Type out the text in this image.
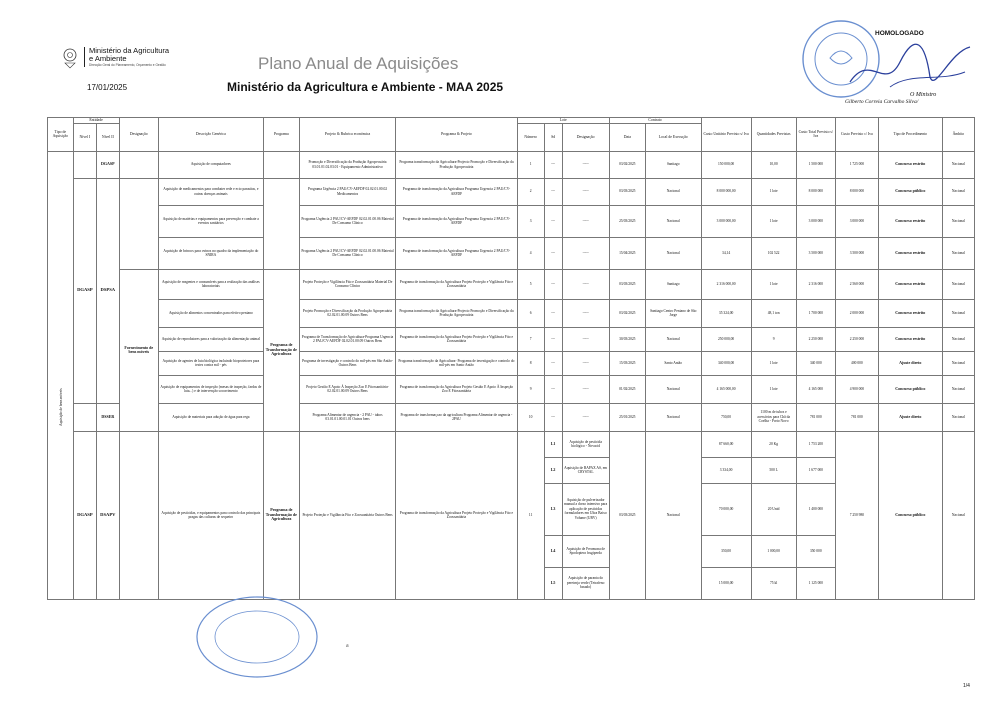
Ministério da Agricultura
e Ambiente
Direcção Geral do Planeamento, Orçamento e Gestão
17/01/2025
Plano Anual de Aquisições
Ministério da Agricultura e Ambiente - MAA 2025
HOMOLOGADO
O Ministro
Gilberto Correia Carvalho Silva/
Aquisição de bens móveis
Tipo de Aquisição	Entidade		Designação	Descrição Genérica	Programa	Projeto & Rubrica económica	Programa & Projeto	Lote			Contrato		Custo Unitário Previsto s/ Iva	Quantidades Previstas	Custo Total Previsto s/ Iva	Custo Previsto c/ Iva	Tipo de Procedimento	Âmbito
	Nível I	Nível II						Número	Sd	Designação	Data	Local de Execução						
		DGASP		Aquisição de computadores		Promoção e Diversificação da Produção Agropecuária 03.01.01.02.03.01 - Equipamento Administrativo	Programa transformação da Agricultura-Projecto Promoção e Diversificação da Produção Agropecuária	1	---	-----	03/02/2025	Santiago	150 000,00	10,00	1 500 000	1 725 000	Concurso restrito	Nacional
	DGASP	DSPSA		Aquisição de medicamentos para combater rede e ecto parasitas, e outras doenças animais		Programa Urgência 2 PAU/CV-AEFDF 02.02.01.00.02 Medicamentos	Programa de transformação da Agricultura Programa Urgencia 2 PAU/CV-AEFDF	2	---	-----	03/03/2025	Nacional	8 000 000,00	1 lote	8 000 000	8 000 000	Concurso público	Nacional
				Aquisição de matérias e equipamentos para prevenção e combate a eventos sanitários		Programa Urgência 2 PAU/CV-AEFDF 02.02.01.00.06 Material De Consumo Clínico	Programa de transformação da Agricultura Programa Urgencia 2 PAU/CV-AEFDF	3	---	-----	25/03/2025	Nacional	3 000 000,00	1 lote	3 000 000	3 000 000	Concurso restrito	Nacional
				Aquisição de brincos para ovinos no quadro da implementação do SNIRA		Programa Urgência 2 PAU/CV-AEFDF 02.02.01.00.06 Material De Consumo Clínico	Programa de transformação da Agricultura Programa Urgencia 2 PAU/CV-AEFDF	4	---	-----	15/04/2025	Nacional	34,14	102 522	3 500 000	3 500 000	Concurso restrito	Nacional
			Fornecimento de bens móveis	Aquisição de reagentes e consumíveis para a realização das análises laboratoriais	Programa de Transformação de Agricultura	Projeto Proteção e Vigilância Fito e Zoossanitária Material De Consumo Clínico	Programa de transformação da Agricultura Projeto Proteção e Vigilância Fito e Zoossanitária	5	---	-----	03/03/2025	Santiago	2 316 000,00	1 lote	2 316 000	2 560 000	Concurso restrito	Nacional
				Aquisição de alimentos concentrados para efetivo peniano		Projeto Promoção e Diversificação da Produção Agropecuária 02.02.01.00.09 Outros Bens	Programa transformação da Agricultura-Projecto Promoção e Diversificação da Produção Agropecuária	6	---	-----	03/02/2025	Santiago Centro Peniano de São Jorge	35 324,00	48,1 ton	1 700 000	2 000 000	Concurso restrito	Nacional
				Aquisição de reprodutores para a valorização da alimentação animal		Programa de Transformação de Agricultura-Programa Urgencia 2 PAU/CV-AEFDF 02.02.01.00.09 Outros Bens	Programa de transformação da Agricultura Projeto Proteção e Vigilância Fito e Zoossanitária	7	---	-----	30/03/2025	Nacional	250 000,00	9	2 250 000	2 250 000	Concurso restrito	Nacional
				Aquisição de agentes de luta biológica incluindo bioprotetores para testes contra mil - pés		Programa de investigação e controlo do mil-pés em São Antão- Outros Bens	Programa transformação da Agricultura- Programa de investigação e controlo do mil-pés em Santo Antão	8	---	-----	15/03/2025	Santo Antão	340 000,00	1 lote	340 000	400 000	Ajuste direto	Nacional
				Aquisição de equipamentos de inspeção (mesas de inspeção, fardas de luta...) e de intervenção socorrimento		Projeto Gestão E Apoio À Inspeção Zoo E Fitossanitária- 02.02.01.00.09 Outros Bens	Programa de transformação da Agricultura Projeto Gestão E Apoio À Inspeção Zoo E Fitossanitária	9	---	-----	01/02/2025	Nacional	4 165 000,00	1 lote	4 165 000	4 900 000	Concurso público	Nacional
		DSSER		Aquisição de materiais para adução de água para rega		Programa Alimentar de urgencia - 2 PAU - tubos 03.01.01.00.01.01 Outros bens	Programa de transformaçcao da agricultura Programa Alimentar de urgencia - 2PAU	10	---	-----	25/01/2025	Nacional	750,00	1100 m de tubos e acessórios para Chã da Coelha - Porto Novo	781 000	781 000	Ajuste direto	Nacional
	DGASP	DSAPV		Aquisição de pesticidas, e equipamentos para controlo das principais pragas das culturas de sequeiro	Programa de Transformação de Agricultura	Projeto Proteção e Vigilância Fito e Zoossanitária Outros Bens	Programa de transformação da Agricultura Projeto Proteção e Vigilância Fito e Zoossanitária	11	L1	Aquisição de pesticida biológico - Novacid	03/03/2025	Nacional	87 660,00	20 Kg	1 753 200	7 250 980	Concurso público	Nacional
									L2	Aquisição de BAPAX AS, em CRYSTAL			3 334,00	500 L	1 677 000			
									L3	Aquisição de pulverizador manual a dorso intensivo para aplicação de pesticidas formuladores em Ultra Baixo Volume (UBV)			70 000,00	20 Unid	1 400 000			
									L4	Aquisição de Feromona de Spodoptera frugiperda			350,00	1 000,00	350 000			
									L5	Aquisição de paranta do peretrnja verde (Tetrafeno basado)			15 000,00	75 kl	1 125 000			
a
1/4
